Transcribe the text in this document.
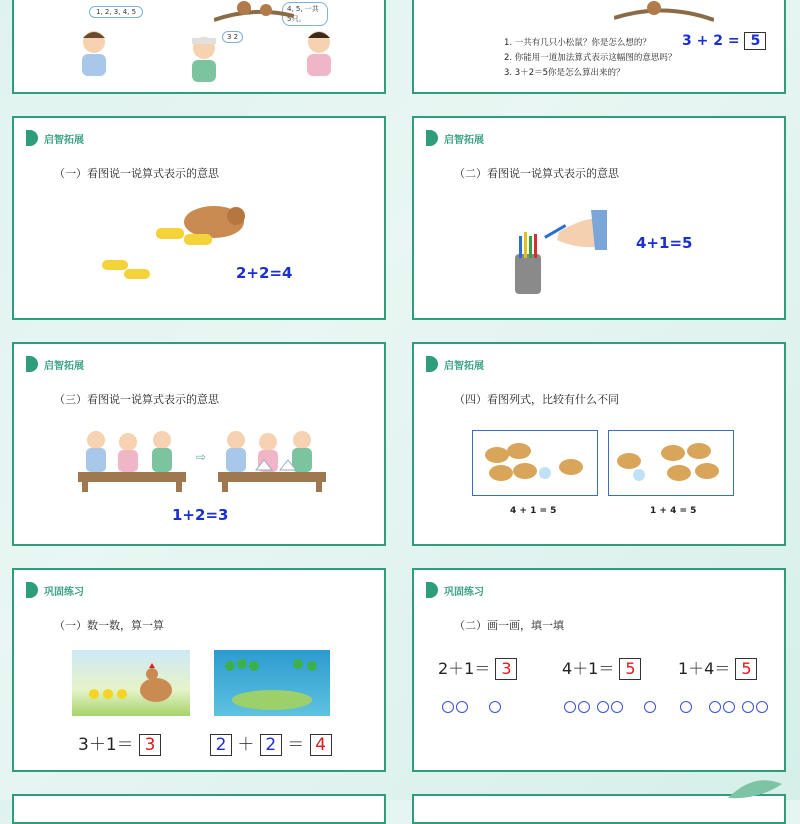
1, 2, 3, 4, 5
3 2
4, 5, 一共5只。
1. 一共有几只小松鼠？你是怎么想的？
2. 你能用一道加法算式表示这幅图的意思吗？
3. 3＋2＝5你是怎么算出来的？
3 + 2 = 5
启智拓展
（一）看图说一说算式表示的意思
2+2=4
启智拓展
（二）看图说一说算式表示的意思
4+1=5
启智拓展
（三）看图说一说算式表示的意思
⇨
1+2=3
启智拓展
（四）看图列式，比较有什么不同
4 + 1 = 5	1 + 4 = 5
巩固练习
（一）数一数，算一算
3＋1＝ 3	2 ＋ 2 ＝ 4
巩固练习
（二）画一画，填一填
2＋1＝ 3	4＋1＝ 5	1＋4＝ 5
